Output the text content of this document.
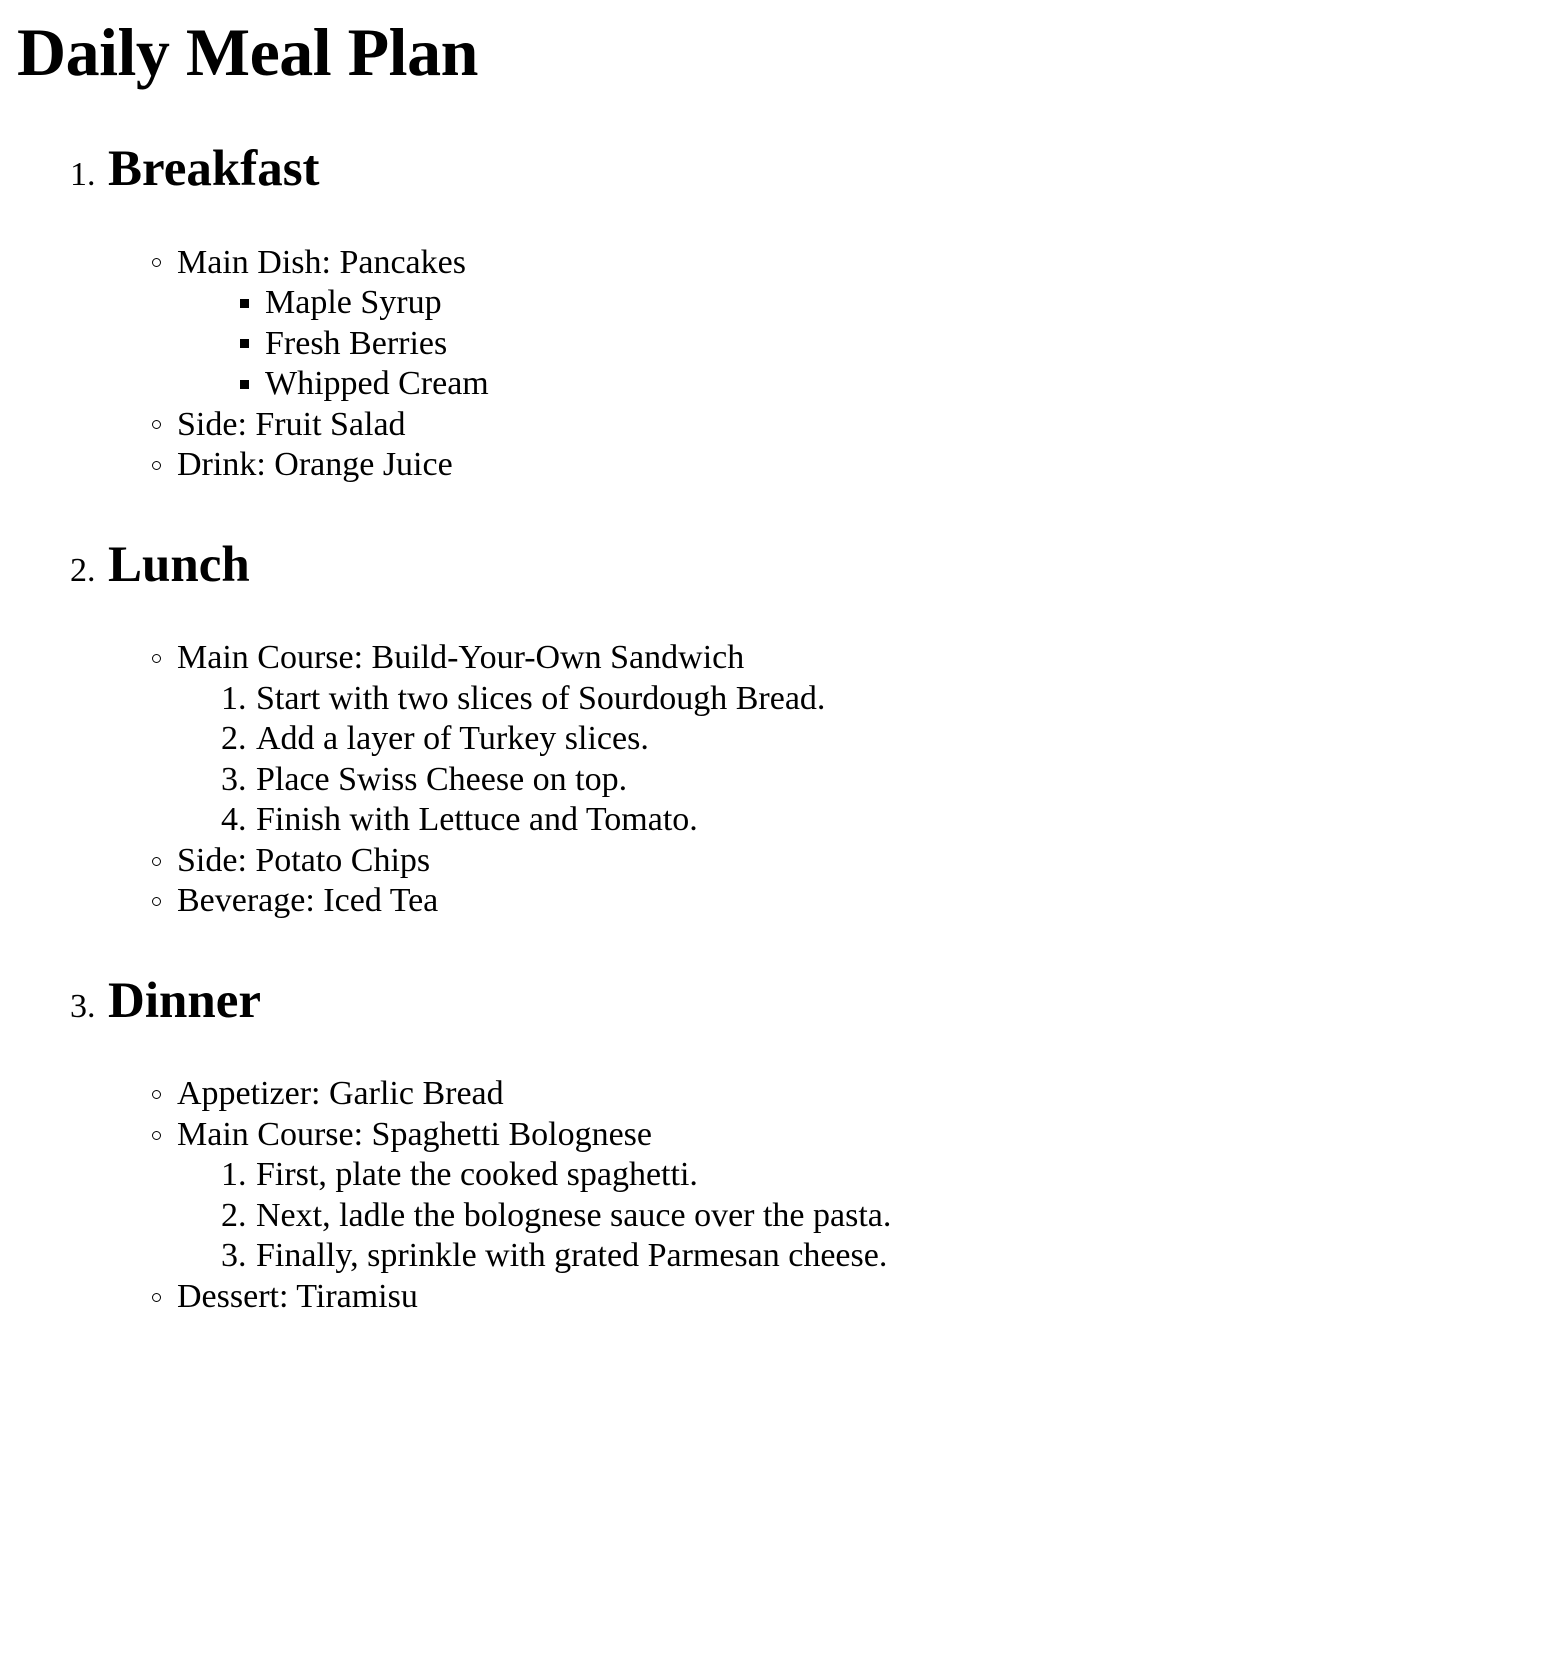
Daily Meal Plan
1. Breakfast
Main Dish: Pancakes
Maple Syrup
Fresh Berries
Whipped Cream
Side: Fruit Salad
Drink: Orange Juice
2. Lunch
Main Course: Build-Your-Own Sandwich
1. Start with two slices of Sourdough Bread.
2. Add a layer of Turkey slices.
3. Place Swiss Cheese on top.
4. Finish with Lettuce and Tomato.
Side: Potato Chips
Beverage: Iced Tea
3. Dinner
Appetizer: Garlic Bread
Main Course: Spaghetti Bolognese
1. First, plate the cooked spaghetti.
2. Next, ladle the bolognese sauce over the pasta.
3. Finally, sprinkle with grated Parmesan cheese.
Dessert: Tiramisu
